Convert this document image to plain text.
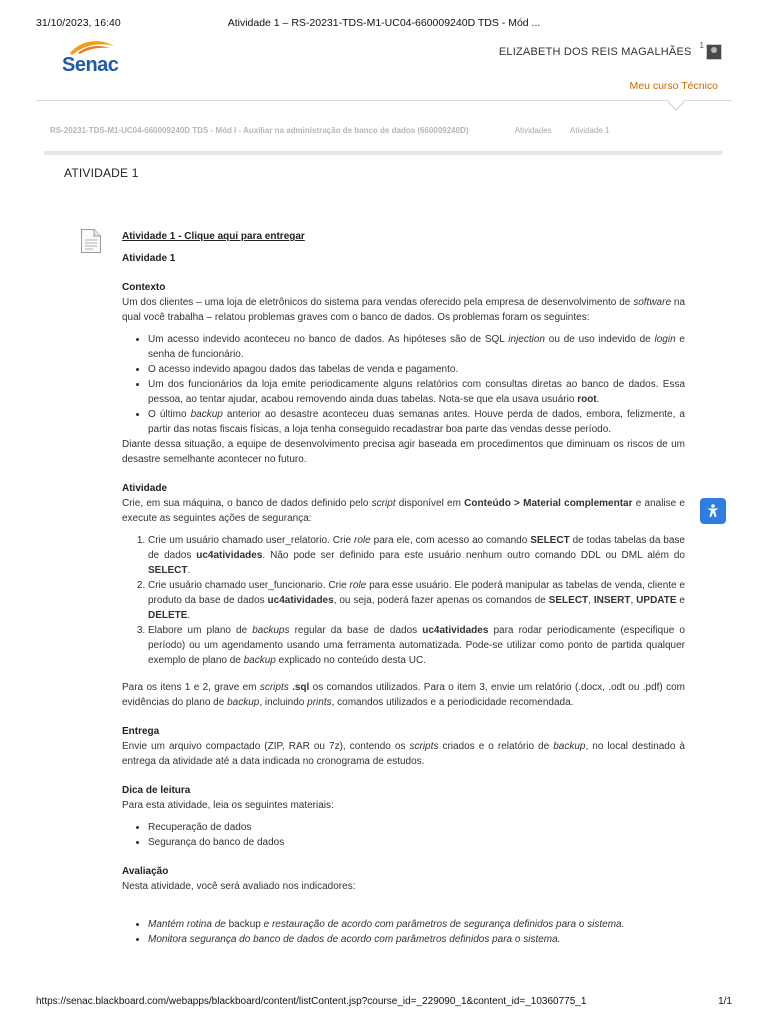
31/10/2023, 16:40	Atividade 1 – RS-20231-TDS-M1-UC04-660009240D TDS - Mód ...
Senac
ELIZABETH DOS REIS MAGALHÃES
1
Meu curso Técnico
RS-20231-TDS-M1-UC04-660009240D TDS - Mód I - Auxiliar na administração de banco de dados (660009240D)	Atividades Atividade 1
ATIVIDADE 1
Atividade 1 - Clique aqui para entregar
Atividade 1
Contexto

Um dos clientes – uma loja de eletrônicos do sistema para vendas oferecido pela empresa de desenvolvimento de software na qual você trabalha – relatou problemas graves com o banco de dados. Os problemas foram os seguintes:

• Um acesso indevido aconteceu no banco de dados. As hipóteses são de SQL injection ou de uso indevido de login e senha de funcionário.
• O acesso indevido apagou dados das tabelas de venda e pagamento.
• Um dos funcionários da loja emite periodicamente alguns relatórios com consultas diretas ao banco de dados. Essa pessoa, ao tentar ajudar, acabou removendo ainda duas tabelas. Nota-se que ela usava usuário root.
• O último backup anterior ao desastre aconteceu duas semanas antes. Houve perda de dados, embora, felizmente, a partir das notas fiscais físicas, a loja tenha conseguido recadastrar boa parte das vendas desse período.

Diante dessa situação, a equipe de desenvolvimento precisa agir baseada em procedimentos que diminuam os riscos de um desastre semelhante acontecer no futuro.

Atividade

Crie, em sua máquina, o banco de dados definido pelo script disponível em Conteúdo > Material complementar e analise e execute as seguintes ações de segurança:

1. Crie um usuário chamado user_relatorio. Crie role para ele, com acesso ao comando SELECT de todas tabelas da base de dados uc4atividades. Não pode ser definido para este usuário nenhum outro comando DDL ou DML além do SELECT.
2. Crie usuário chamado user_funcionario. Crie role para esse usuário. Ele poderá manipular as tabelas de venda, cliente e produto da base de dados uc4atividades, ou seja, poderá fazer apenas os comandos de SELECT, INSERT, UPDATE e DELETE.
3. Elabore um plano de backups regular da base de dados uc4atividades para rodar periodicamente (especifique o período) ou um agendamento usando uma ferramenta automatizada. Pode-se utilizar como ponto de partida qualquer exemplo de plano de backup explicado no conteúdo desta UC.

Para os itens 1 e 2, grave em scripts .sql os comandos utilizados. Para o item 3, envie um relatório (.docx, .odt ou .pdf) com evidências do plano de backup, incluindo prints, comandos utilizados e a periodicidade recomendada.

Entrega

Envie um arquivo compactado (ZIP, RAR ou 7z), contendo os scripts criados e o relatório de backup, no local destinado à entrega da atividade até a data indicada no cronograma de estudos.

Dica de leitura

Para esta atividade, leia os seguintes materiais:

• Recuperação de dados
• Segurança do banco de dados
Avaliação

Nesta atividade, você será avaliado nos indicadores:

• Mantém rotina de backup e restauração de acordo com parâmetros de segurança definidos para o sistema.
• Monitora segurança do banco de dados de acordo com parâmetros definidos para o sistema.
https://senac.blackboard.com/webapps/blackboard/content/listContent.jsp?course_id=_229090_1&content_id=_10360775_1	1/1
